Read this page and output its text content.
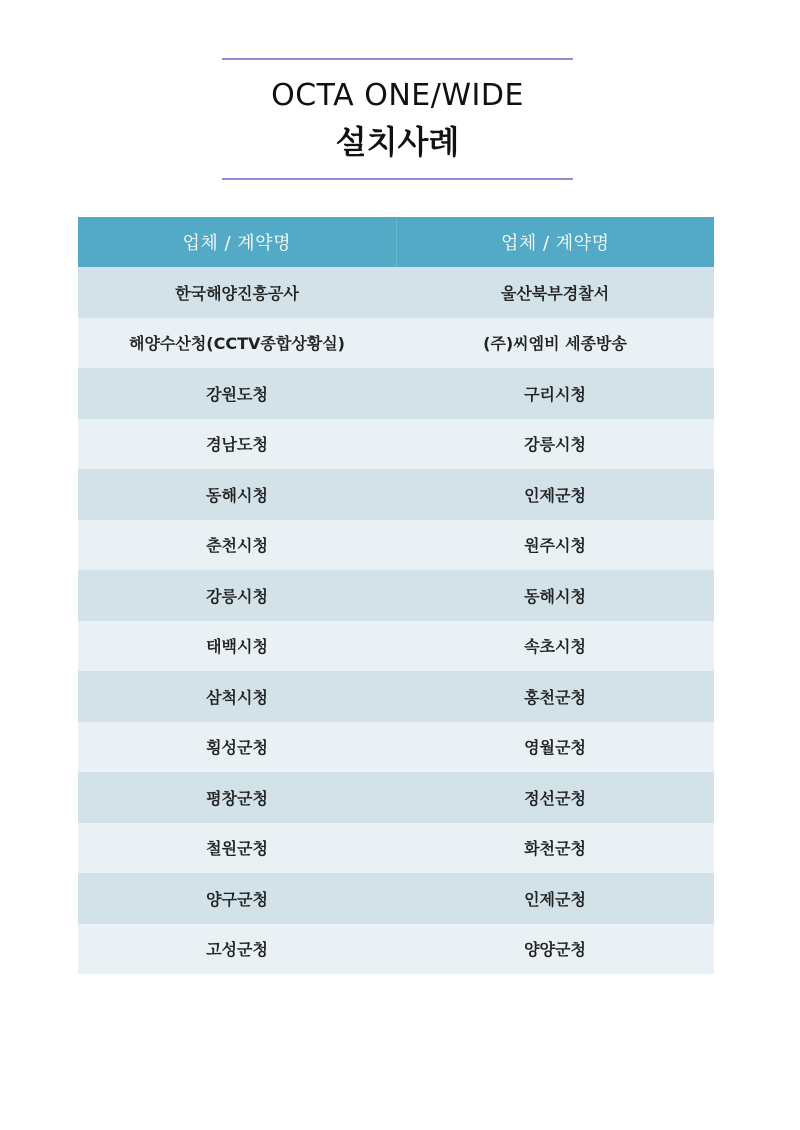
OCTA ONE/WIDE
설치사례
업체 / 계약명	업체 / 계약명
한국해양진흥공사	울산북부경찰서
해양수산청(CCTV종합상황실)	(주)씨엠비 세종방송
강원도청	구리시청
경남도청	강릉시청
동해시청	인제군청
춘천시청	원주시청
강릉시청	동해시청
태백시청	속초시청
삼척시청	홍천군청
횡성군청	영월군청
평창군청	정선군청
철원군청	화천군청
양구군청	인제군청
고성군청	양양군청
